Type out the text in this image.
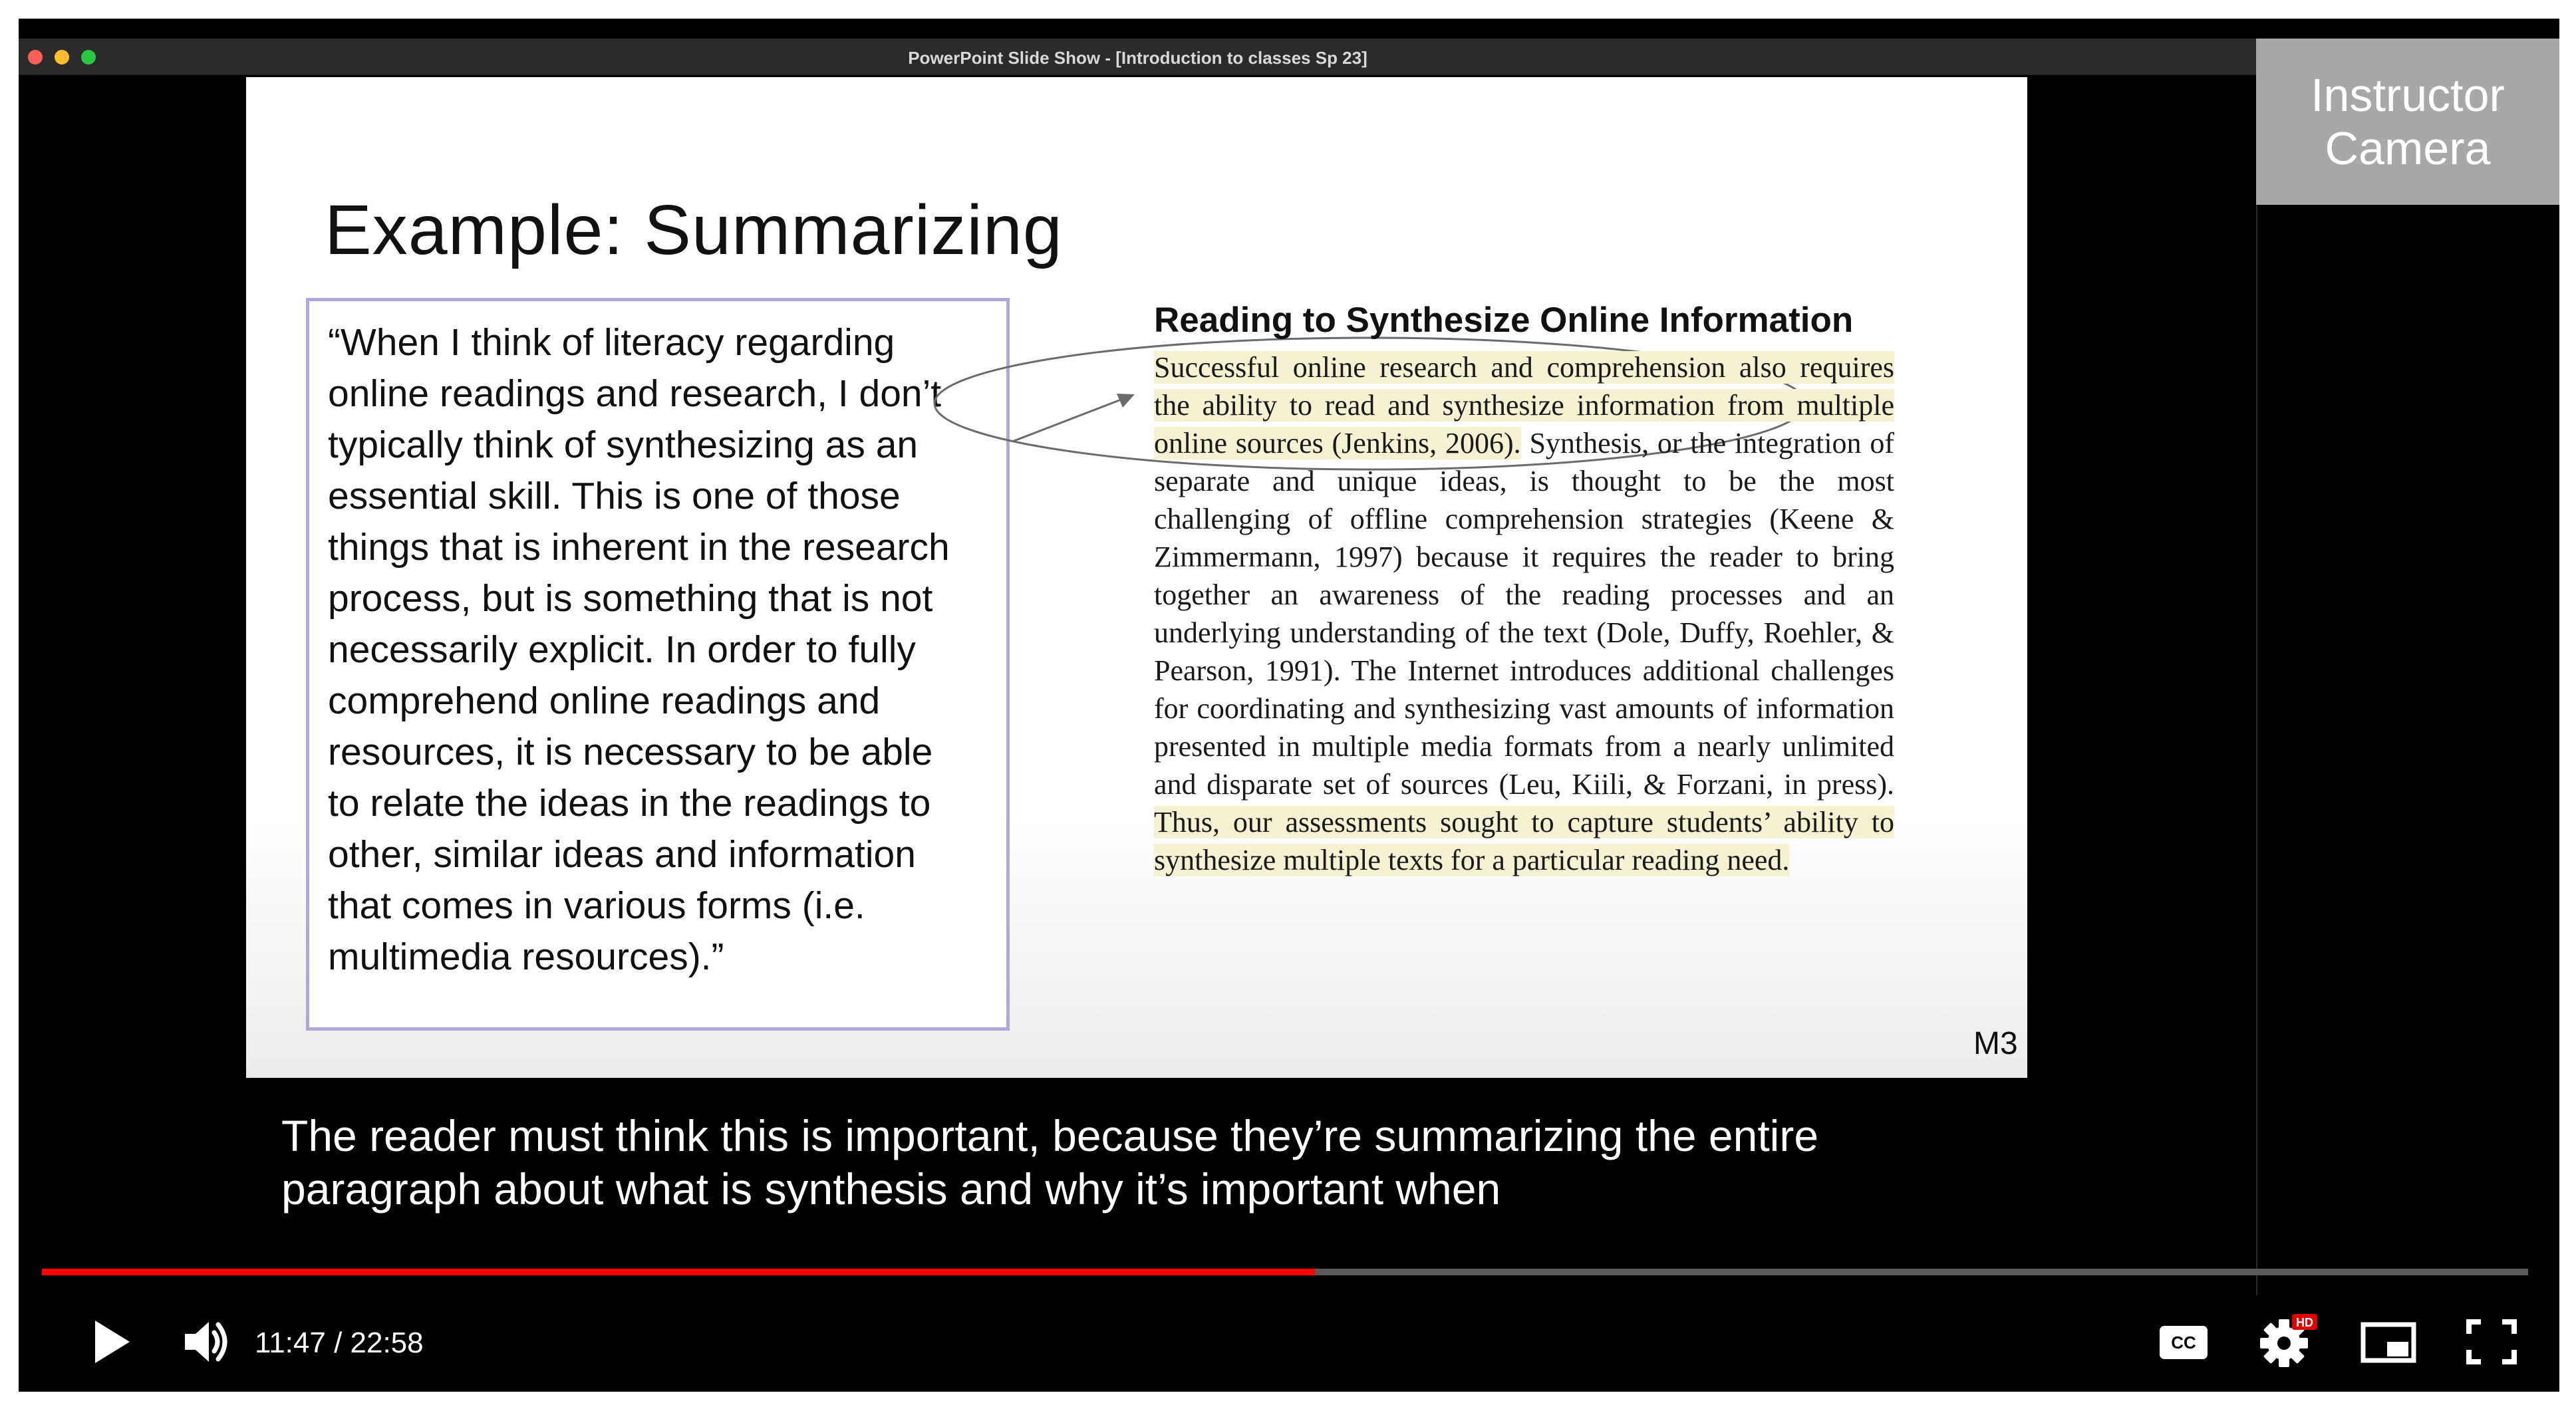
PowerPoint Slide Show - [Introduction to classes Sp 23]
Example: Summarizing
“When I think of literacy regarding
online readings and research, I don’t
typically think of synthesizing as an
essential skill. This is one of those
things that is inherent in the research
process, but is something that is not
necessarily explicit. In order to fully
comprehend online readings and
resources, it is necessary to be able
to relate the ideas in the readings to
other, similar ideas and information
that comes in various forms (i.e.
multimedia resources).”
Reading to Synthesize Online Information

Successful online research and comprehension also requires the ability to read and synthesize information from multiple online sources (Jenkins, 2006). Synthesis, or the integration of separate and unique ideas, is thought to be the most challenging of offline comprehension strategies (Keene & Zimmermann, 1997) because it requires the reader to bring together an awareness of the reading processes and an underlying understanding of the text (Dole, Duffy, Roehler, & Pearson, 1991). The Internet introduces additional challenges for coordinating and synthesizing vast amounts of information presented in multiple media formats from a nearly unlimited and disparate set of sources (Leu, Kiili, & Forzani, in press). Thus, our assessments sought to capture students’ ability to synthesize multiple texts for a particular reading need.

M3
Instructor
Camera
The reader must think this is important, because they’re summarizing the entire
paragraph about what is synthesis and why it’s important when
11:47 / 22:58	CC
HD
